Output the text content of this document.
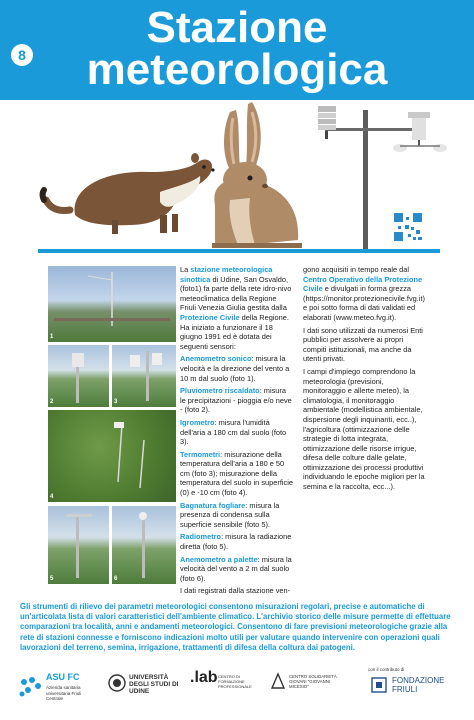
8
Stazione
meteorologica
1
2	3
4
5	6

La stazione meteorologica sinottica di Udine, San Osvaldo, (foto1) fa parte della rete idro-nivo meteoclimatica della Regione Friuli Venezia Giulia gestita dalla Protezione Civile della Regione. Ha iniziato a funzionare il 18 giugno 1991 ed è dotata dei seguenti sensori:

Anemometro sonico: misura la velocità e la direzione del vento a 10 m dal suolo (foto 1).

Pluviometro riscaldato: misura le precipitazioni - pioggia e/o neve - (foto 2).

Igrometro: misura l'umidità dell'aria a 180 cm dal suolo (foto 3).

Termometri: misurazione della temperatura dell'aria a 180 e 50 cm (foto 3); misurazione della temperatura del suolo in superficie (0) e -10 cm (foto 4).

Bagnatura fogliare: misura la presenza di condensa sulla superficie sensibile (foto 5).

Radiometro: misura la radiazione diretta (foto 5).

Anemometro a palette: misura la velocità del vento a 2 m dal suolo (foto 6).

I dati registrati dalla stazione ven-

gono acquisiti in tempo reale dal Centro Operativo della Protezione Civile e divulgati in forma grezza (https://monitor.protezionecivile.fvg.it) e poi sotto forma di dati validati ed elaborati (www.meteo.fvg.it).

I dati sono utilizzati da numerosi Enti pubblici per assolvere ai propri compiti istituzionali, ma anche da utenti privati.

I campi d'impiego comprendono la meteorologia (previsioni, monitoraggio e allerte meteo), la climatologia, il monitoraggio ambientale (modellistica ambientale, dispersione degli inquinanti, ecc..), l'agricoltura (ottimizzazione delle strategie di lotta integrata, ottimizzazione delle risorse irrigue, difesa delle colture dalle gelate, ottimizzazione dei processi produttivi individuando le epoche migliori per la semina e la raccolta, ecc...).

Gli strumenti di rilievo dei parametri meteorologici consentono misurazioni regolari, precise e automatiche di un'articolata lista di valori caratteristici dell'ambiente climatico. L'archivio storico delle misure permette di effettuare comparazioni tra località, anni e andamenti meteorologici. Consentono di fare previsioni meteorologiche grazie alla rete di stazioni connesse e forniscono indicazioni molto utili per valutare quando intervenire con operazioni quali lavorazioni del terreno, semina, irrigazione, trattamenti di difesa della coltura dai patogeni.
ASU FC
Azienda sanitaria universitaria Friuli Centrale
UNIVERSITÀ DEGLI STUDI DI UDINE
.lab CENTRO DI FORMAZIONE PROFESSIONALE
CENTRO SOLIDARIETÀ GIOVANI "GIOVANNI MICESIO"
con il contributo di
FONDAZIONE FRIULI
